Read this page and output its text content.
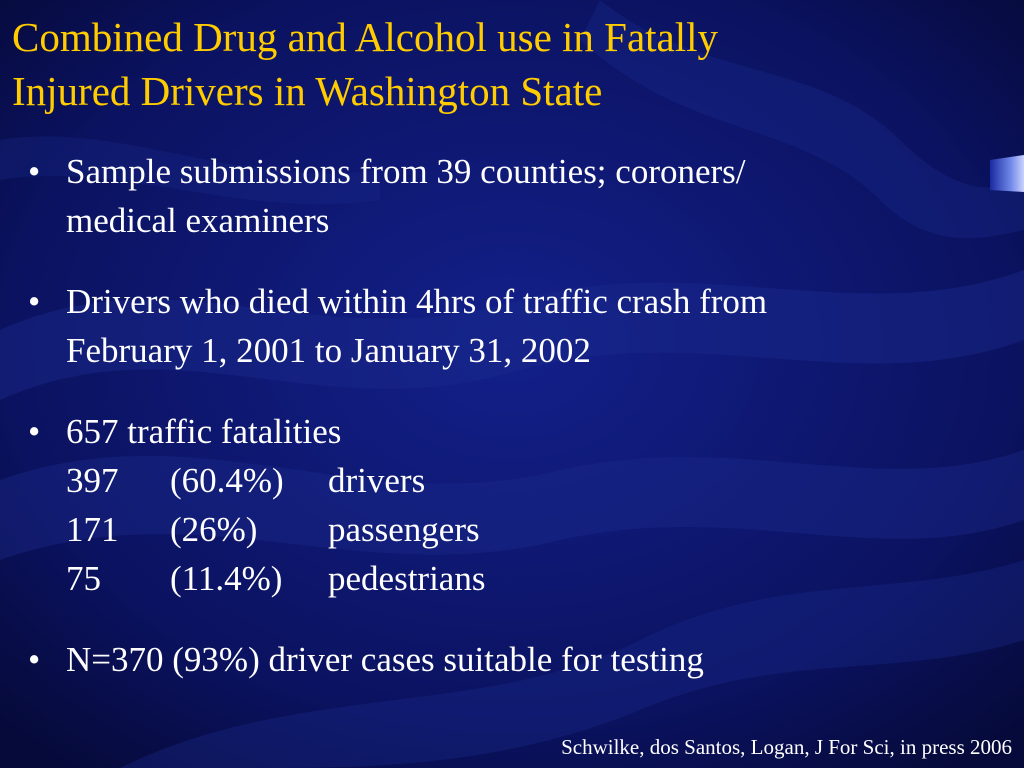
Combined Drug and Alcohol use in Fatally
Injured Drivers in Washington State
• Sample submissions from 39 counties; coroners/
medical examiners
• Drivers who died within 4hrs of traffic crash from
February 1, 2001 to January 31, 2002
• 657 traffic fatalities
397 (60.4%) drivers
171 (26%) passengers
75 (11.4%) pedestrians
• N=370 (93%) driver cases suitable for testing

Schwilke, dos Santos, Logan, J For Sci, in press 2006
